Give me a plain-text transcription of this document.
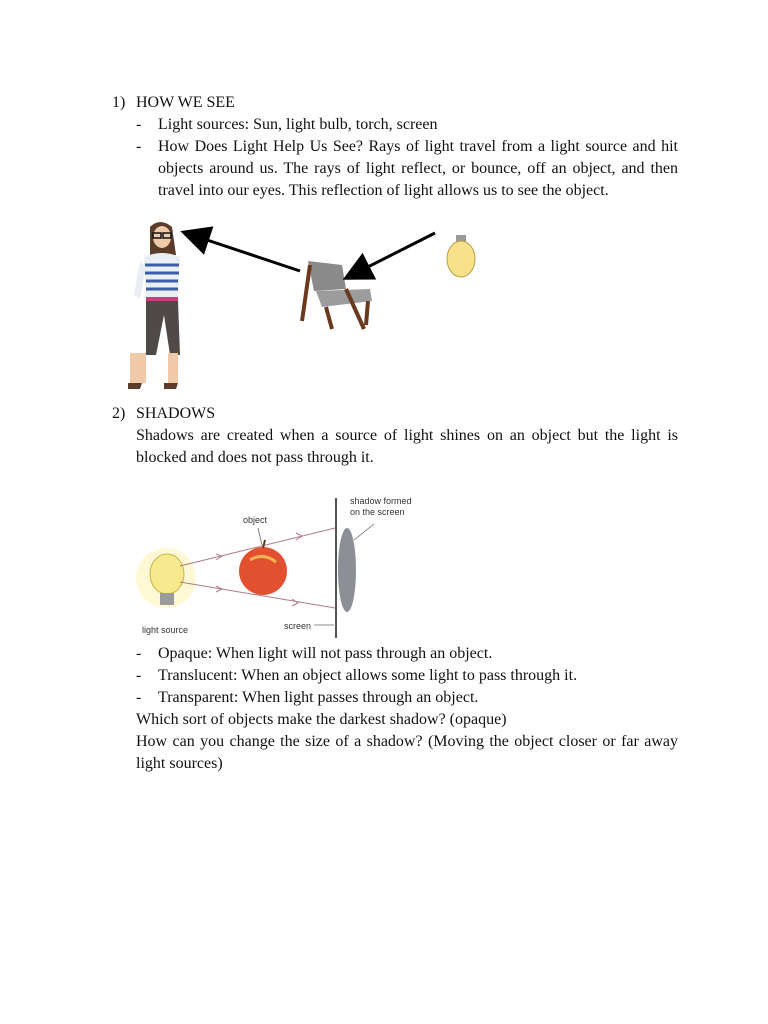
1) HOW WE SEE
- Light sources: Sun, light bulb, torch, screen
- How Does Light Help Us See? Rays of light travel from a light source and hit objects around us. The rays of light reflect, or bounce, off an object, and then travel into our eyes. This reflection of light allows us to see the object.
2) SHADOWS
Shadows are created when a source of light shines on an object but the light is blocked and does not pass through it.
object
shadow formed
on the screen
screen
light source
- Opaque: When light will not pass through an object.
- Translucent: When an object allows some light to pass through it.
- Transparent: When light passes through an object.
Which sort of objects make the darkest shadow? (opaque)
How can you change the size of a shadow? (Moving the object closer or far away light sources)
